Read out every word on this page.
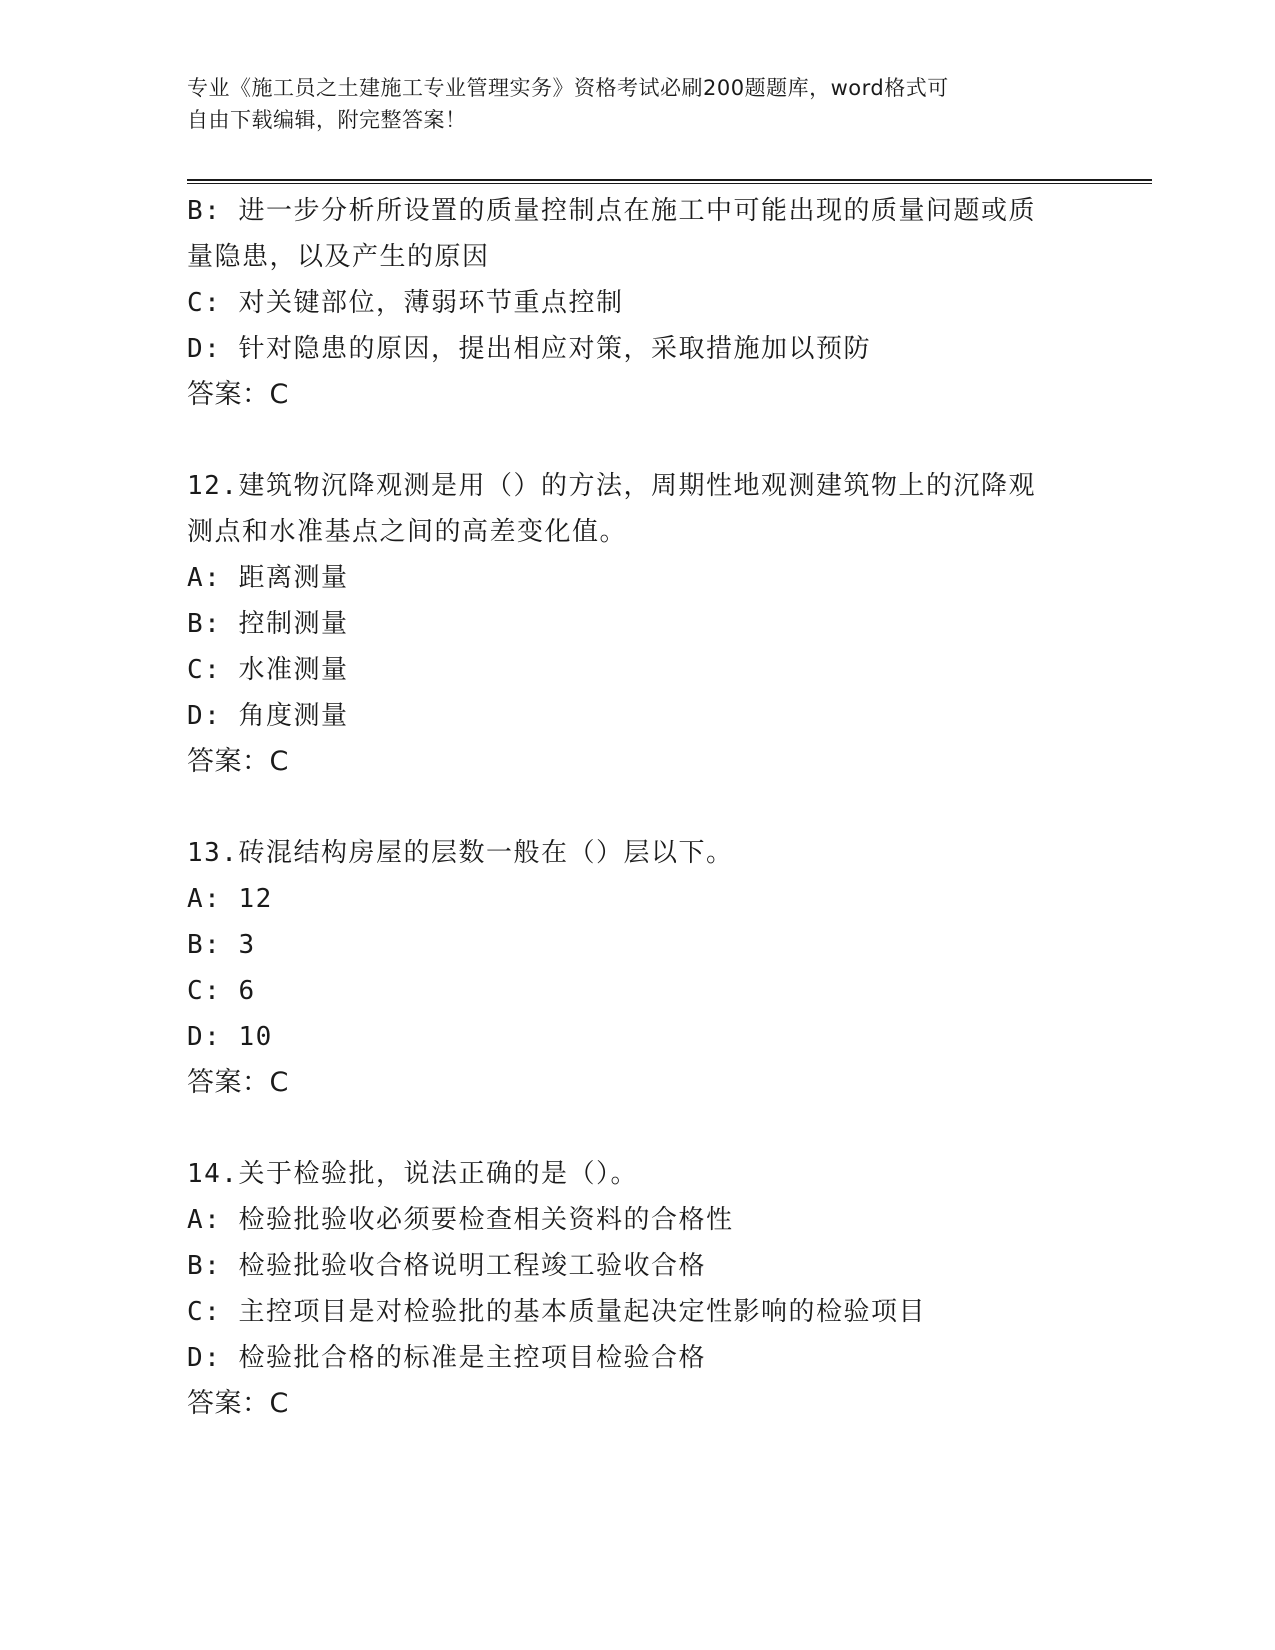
专业《施工员之土建施工专业管理实务》资格考试必刷200题题库，word格式可
自由下载编辑，附完整答案！
B: 进一步分析所设置的质量控制点在施工中可能出现的质量问题或质
量隐患，以及产生的原因
C: 对关键部位，薄弱环节重点控制
D: 针对隐患的原因，提出相应对策，采取措施加以预防
答案：C
12.建筑物沉降观测是用（）的方法，周期性地观测建筑物上的沉降观
测点和水准基点之间的高差变化值。
A: 距离测量
B: 控制测量
C: 水准测量
D: 角度测量
答案：C
13.砖混结构房屋的层数一般在（）层以下。
A: 12
B: 3
C: 6
D: 10
答案：C
14.关于检验批，说法正确的是（）。
A: 检验批验收必须要检查相关资料的合格性
B: 检验批验收合格说明工程竣工验收合格
C: 主控项目是对检验批的基本质量起决定性影响的检验项目
D: 检验批合格的标准是主控项目检验合格
答案：C
